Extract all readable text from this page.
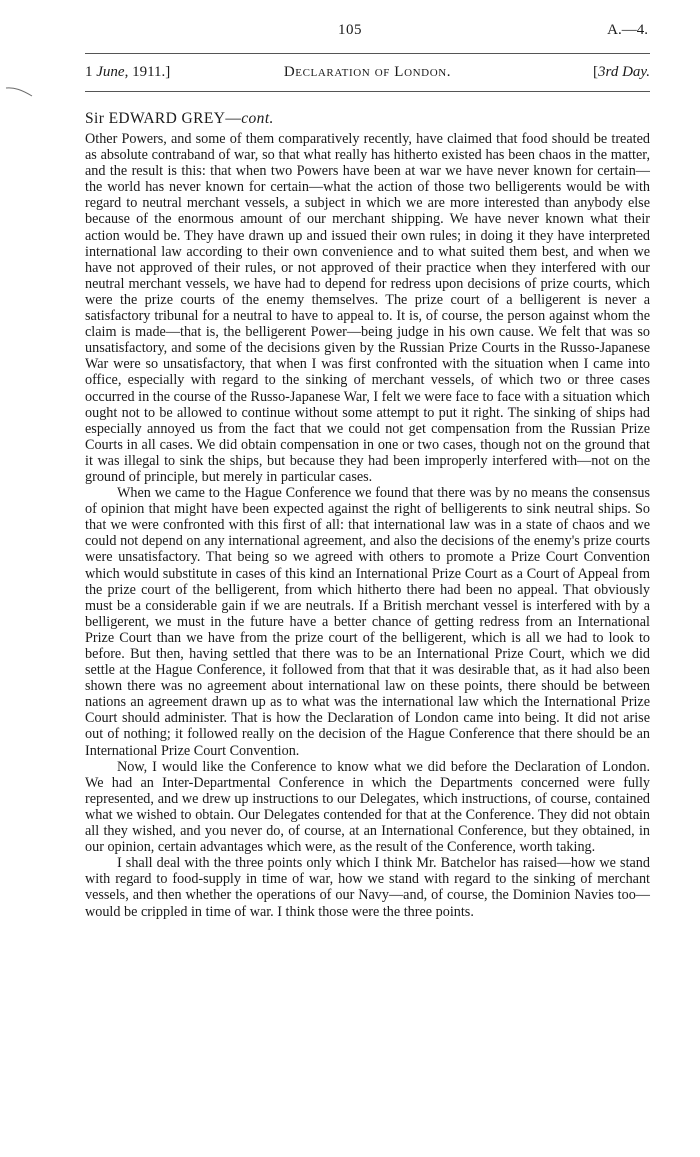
105	A.—4.
1 June, 1911.]	Declaration of London.	[3rd Day.
Sir EDWARD GREY—cont.

Other Powers, and some of them comparatively recently, have claimed that food should be treated as absolute contraband of war, so that what really has hitherto existed has been chaos in the matter, and the result is this: that when two Powers have been at war we have never known for certain—the world has never known for certain—what the action of those two belligerents would be with regard to neutral merchant vessels, a subject in which we are more interested than anybody else because of the enormous amount of our merchant shipping. We have never known what their action would be. They have drawn up and issued their own rules; in doing it they have interpreted international law according to their own convenience and to what suited them best, and when we have not approved of their rules, or not approved of their practice when they interfered with our neutral merchant vessels, we have had to depend for redress upon decisions of prize courts, which were the prize courts of the enemy themselves. The prize court of a belligerent is never a satisfactory tribunal for a neutral to have to appeal to. It is, of course, the person against whom the claim is made—that is, the belligerent Power—being judge in his own cause. We felt that was so unsatisfactory, and some of the decisions given by the Russian Prize Courts in the Russo-Japanese War were so unsatisfactory, that when I was first confronted with the situation when I came into office, especially with regard to the sinking of merchant vessels, of which two or three cases occurred in the course of the Russo-Japanese War, I felt we were face to face with a situation which ought not to be allowed to continue without some attempt to put it right. The sinking of ships had especially annoyed us from the fact that we could not get compensation from the Russian Prize Courts in all cases. We did obtain compensation in one or two cases, though not on the ground that it was illegal to sink the ships, but because they had been improperly interfered with—not on the ground of principle, but merely in particular cases.

When we came to the Hague Conference we found that there was by no means the consensus of opinion that might have been expected against the right of belligerents to sink neutral ships. So that we were confronted with this first of all: that international law was in a state of chaos and we could not depend on any international agreement, and also the decisions of the enemy's prize courts were unsatisfactory. That being so we agreed with others to promote a Prize Court Convention which would substitute in cases of this kind an International Prize Court as a Court of Appeal from the prize court of the belligerent, from which hitherto there had been no appeal. That obviously must be a considerable gain if we are neutrals. If a British merchant vessel is interfered with by a belligerent, we must in the future have a better chance of getting redress from an International Prize Court than we have from the prize court of the belligerent, which is all we had to look to before. But then, having settled that there was to be an International Prize Court, which we did settle at the Hague Conference, it followed from that that it was desirable that, as it had also been shown there was no agreement about international law on these points, there should be between nations an agreement drawn up as to what was the international law which the International Prize Court should administer. That is how the Declaration of London came into being. It did not arise out of nothing; it followed really on the decision of the Hague Conference that there should be an International Prize Court Convention.

Now, I would like the Conference to know what we did before the Declaration of London. We had an Inter-Departmental Conference in which the Departments concerned were fully represented, and we drew up instructions to our Delegates, which instructions, of course, contained what we wished to obtain. Our Delegates contended for that at the Conference. They did not obtain all they wished, and you never do, of course, at an International Conference, but they obtained, in our opinion, certain advantages which were, as the result of the Conference, worth taking.

I shall deal with the three points only which I think Mr. Batchelor has raised—how we stand with regard to food-supply in time of war, how we stand with regard to the sinking of merchant vessels, and then whether the operations of our Navy—and, of course, the Dominion Navies too—would be crippled in time of war. I think those were the three points.
